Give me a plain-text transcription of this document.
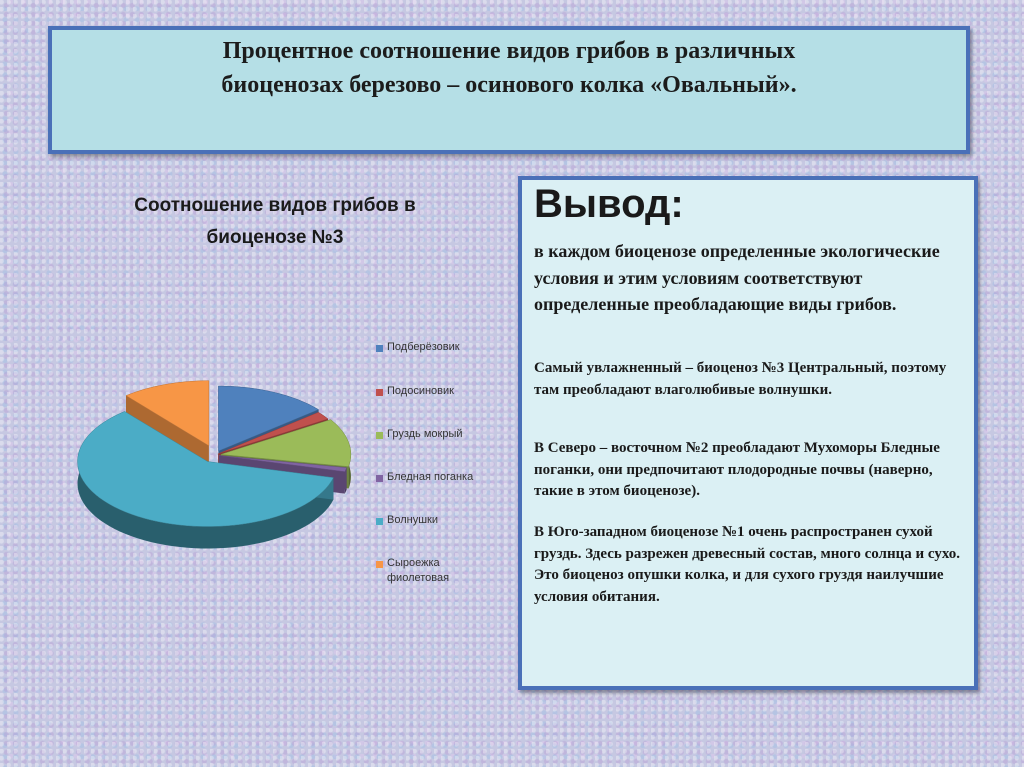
Процентное соотношение видов грибов в различных
биоценозах березово – осинового колка «Овальный».
Соотношение видов грибов в
биоценозе №3
Подберёзовик
Подосиновик
Груздь мокрый
Бледная поганка
Волнушки
Сыроежка фиолетовая
Вывод:
в каждом биоценозе определенные экологические условия и этим условиям соответствуют определенные преобладающие виды грибов.
Самый увлажненный – биоценоз №3 Центральный, поэтому там преобладают влаголюбивые волнушки.
В Северо – восточном №2 преобладают Мухоморы Бледные поганки, они предпочитают плодородные почвы (наверно, такие в этом биоценозе).
В Юго-западном биоценозе №1 очень распространен сухой груздь. Здесь разрежен древесный состав, много солнца и сухо. Это биоценоз опушки колка, и для сухого груздя наилучшие условия обитания.
